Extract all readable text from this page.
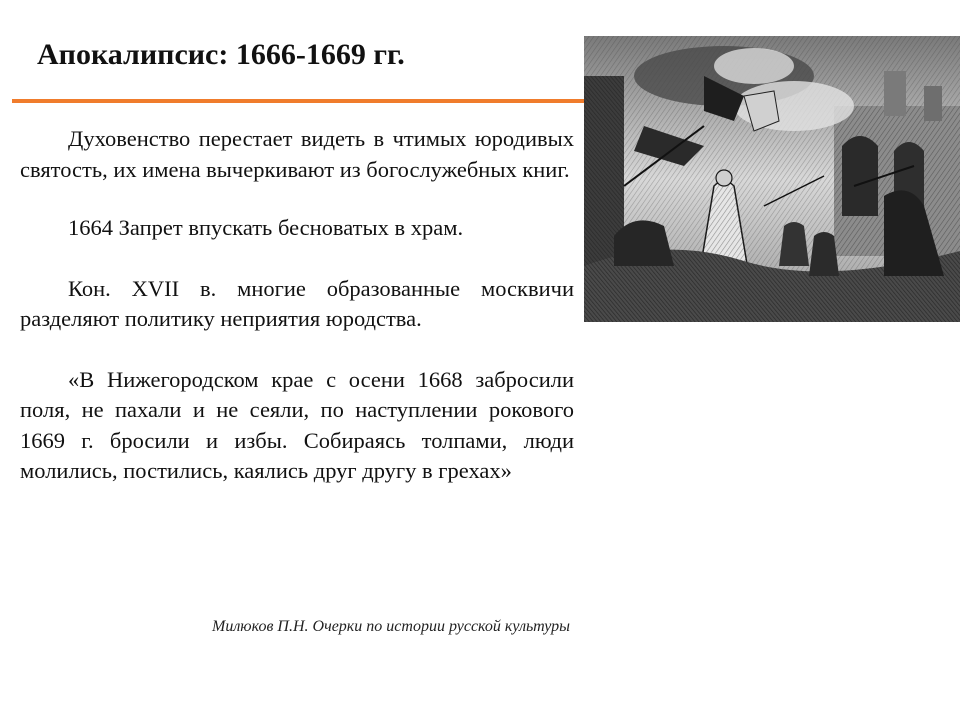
Апокалипсис: 1666-1669 гг.

Духовенство перестает видеть в чтимых юродивых святость, их имена вычеркивают из богослужебных книг.

1664 Запрет впускать бесноватых в храм.

Кон. XVII в. многие образованные москвичи разделяют политику неприятия юродства.

«В Нижегородском крае с осени 1668 забросили поля, не пахали и не сеяли, по наступлении рокового 1669 г. бросили и избы. Собираясь толпами, люди молились, постились, каялись друг другу в грехах»

Милюков П.Н. Очерки по истории русской культуры
